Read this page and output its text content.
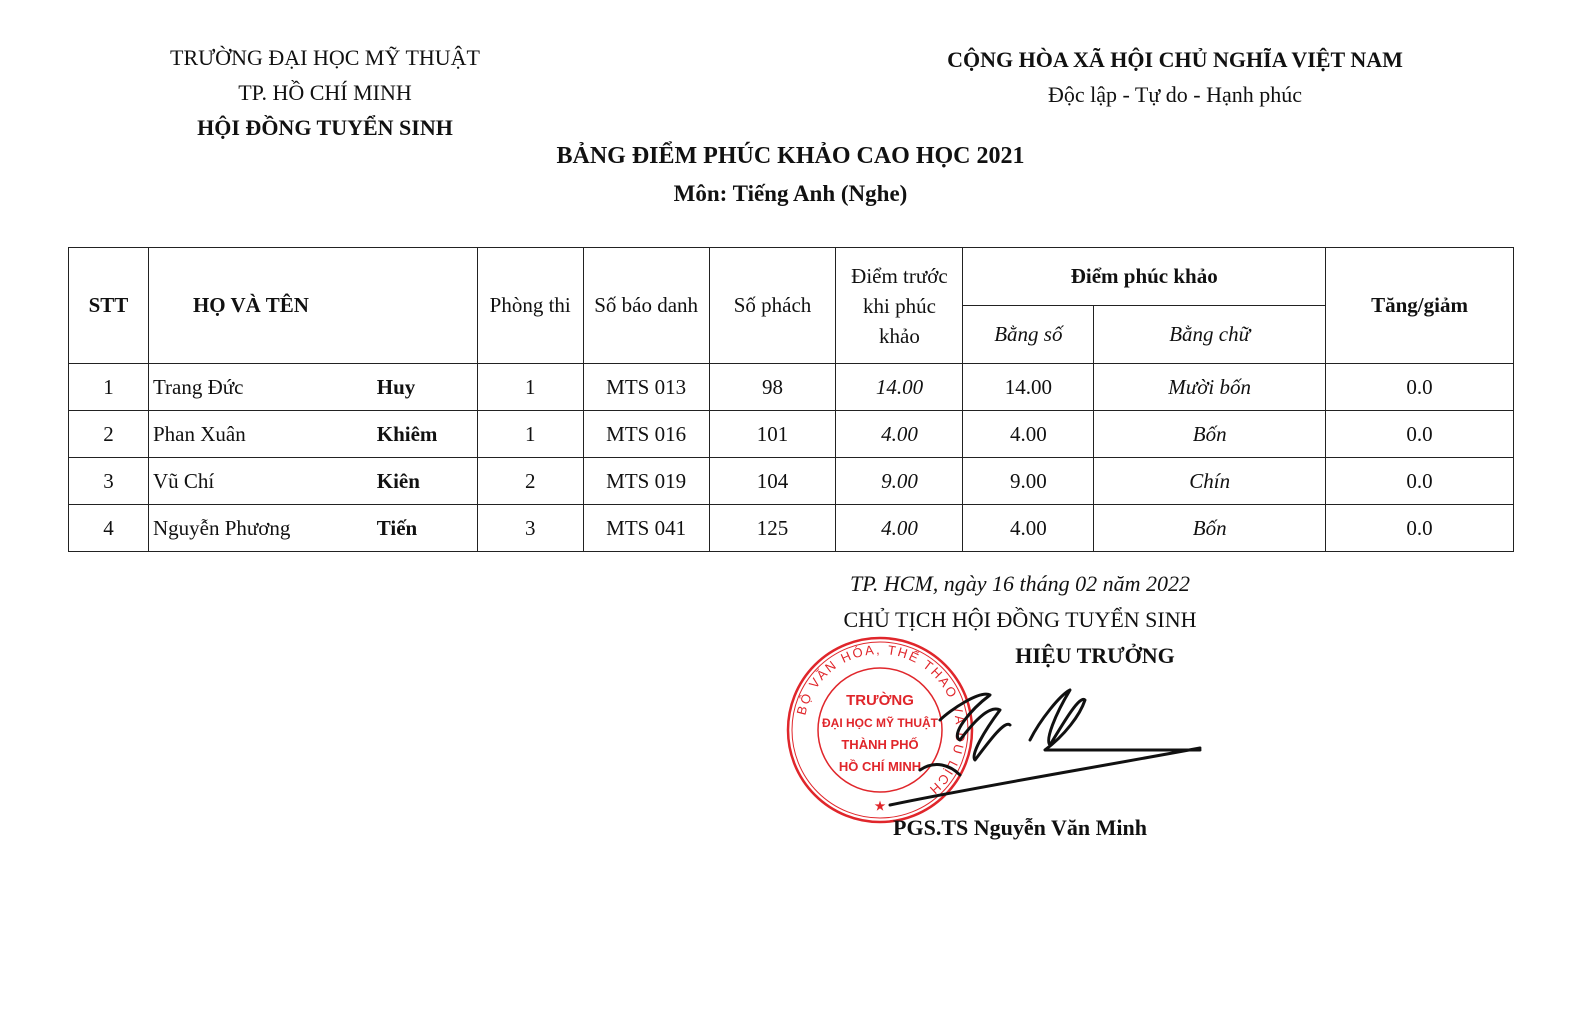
TRƯỜNG ĐẠI HỌC MỸ THUẬT
TP. HỒ CHÍ MINH
HỘI ĐỒNG TUYỂN SINH
CỘNG HÒA XÃ HỘI CHỦ NGHĨA VIỆT NAM
Độc lập - Tự do - Hạnh phúc
BẢNG ĐIỂM PHÚC KHẢO CAO HỌC 2021
Môn: Tiếng Anh (Nghe)
STT	HỌ VÀ TÊN	Phòng thi	Số báo danh	Số phách	Điểm trước khi phúc khảo	Điểm phúc khảo		Tăng/giảm
						Bằng số	Bằng chữ	
1	Trang Đức Huy	1	MTS 013	98	14.00	14.00	Mười bốn	0.0
2	Phan Xuân Khiêm	1	MTS 016	101	4.00	4.00	Bốn	0.0
3	Vũ Chí Kiên	2	MTS 019	104	9.00	9.00	Chín	0.0
4	Nguyễn Phương Tiến	3	MTS 041	125	4.00	4.00	Bốn	0.0
TP. HCM, ngày 16 tháng 02 năm 2022
CHỦ TỊCH HỘI ĐỒNG TUYỂN SINH
HIỆU TRƯỞNG
BỘ VĂN HÓA, THỂ THAO VÀ DU LỊCH
TRƯỜNG
ĐẠI HỌC MỸ THUẬT
THÀNH PHỐ
HỒ CHÍ MINH
★
PGS.TS Nguyễn Văn Minh
